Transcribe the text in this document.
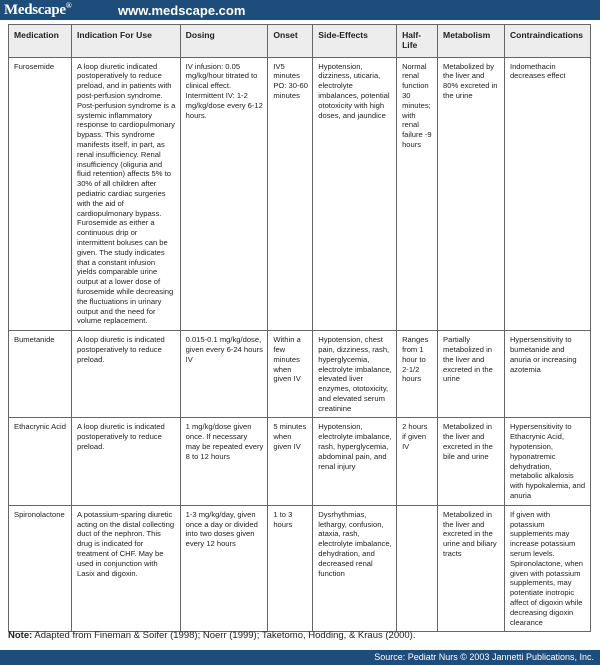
Medscape®	www.medscape.com
Medication	Indication For Use	Dosing	Onset	Side-Effects	Half-Life	Metabolism	Contraindications
Furosemide	A loop diuretic indicated postoperatively to reduce preload, and in patients with post-perfusion syndrome. Post-perfusion syndrome is a systemic inflammatory response to cardiopulmonary bypass. This syndrome manifests itself, in part, as renal insufficiency. Renal insufficiency (oliguria and fluid retention) affects 5% to 30% of all children after pediatric cardiac surgeries with the aid of cardiopulmonary bypass. Furosemide as either a continuous drip or intermittent boluses can be given. The study indicates that a constant infusion yields comparable urine output at a lower dose of furosemide while decreasing the fluctuations in urinary output and the need for volume replacement.	IV infusion: 0.05 mg/kg/hour titrated to clinical effect. Intermittent IV: 1-2 mg/kg/dose every 6-12 hours.	IV5 minutes PO: 30-60 minutes	Hypotension, dizziness, uticaria, electrolyte imbalances, potential ototoxicity with high doses, and jaundice	Normal renal function 30 minutes; with renal failure -9 hours	Metabolized by the liver and 80% excreted in the urine	Indomethacin decreases effect
Bumetanide	A loop diuretic is indicated postoperatively to reduce preload.	0.015-0.1 mg/kg/dose, given every 6-24 hours IV	Within a few minutes when given IV	Hypotension, chest pain, dizziness, rash, hyperglycemia, electrolyte imbalance, elevated liver enzymes, ototoxicity, and elevated serum creatinine	Ranges from 1 hour to 2-1/2 hours	Partially metabolized in the liver and excreted in the urine	Hypersensitivity to bumetanide and anuria or increasing azotemia
Ethacrynic Acid	A loop diuretic is indicated postoperatively to reduce preload.	1 mg/kg/dose given once. If necessary may be repeated every 8 to 12 hours	5 minutes when given IV	Hypotension, electrolyte imbalance, rash, hyperglycemia, abdominal pain, and renal injury	2 hours if given IV	Metabolized in the liver and excreted in the bile and urine	Hypersensitivity to Ethacrynic Acid, hypotension, hyponatremic dehydration, metabolic alkalosis with hypokalemia, and anuria
Spironolactone	A potassium-sparing diuretic acting on the distal collecting duct of the nephron. This drug is indicated for treatment of CHF. May be used in conjunction with Lasix and digoxin.	1-3 mg/kg/day, given once a day or divided into two doses given every 12 hours	1 to 3 hours	Dysrhythmias, lethargy, confusion, ataxia, rash, electrolyte imbalance, dehydration, and decreased renal function		Metabolized in the liver and excreted in the urine and biliary tracts	If given with potassium supplements may increase potassium serum levels. Spironolactone, when given with potassium supplements, may potentiate inotropic affect of digoxin while decreasing digoxin clearance
Note: Adapted from Fineman & Soifer (1998); Noerr (1999); Taketomo, Hodding, & Kraus (2000).
Source: Pediatr Nurs © 2003 Jannetti Publications, Inc.
